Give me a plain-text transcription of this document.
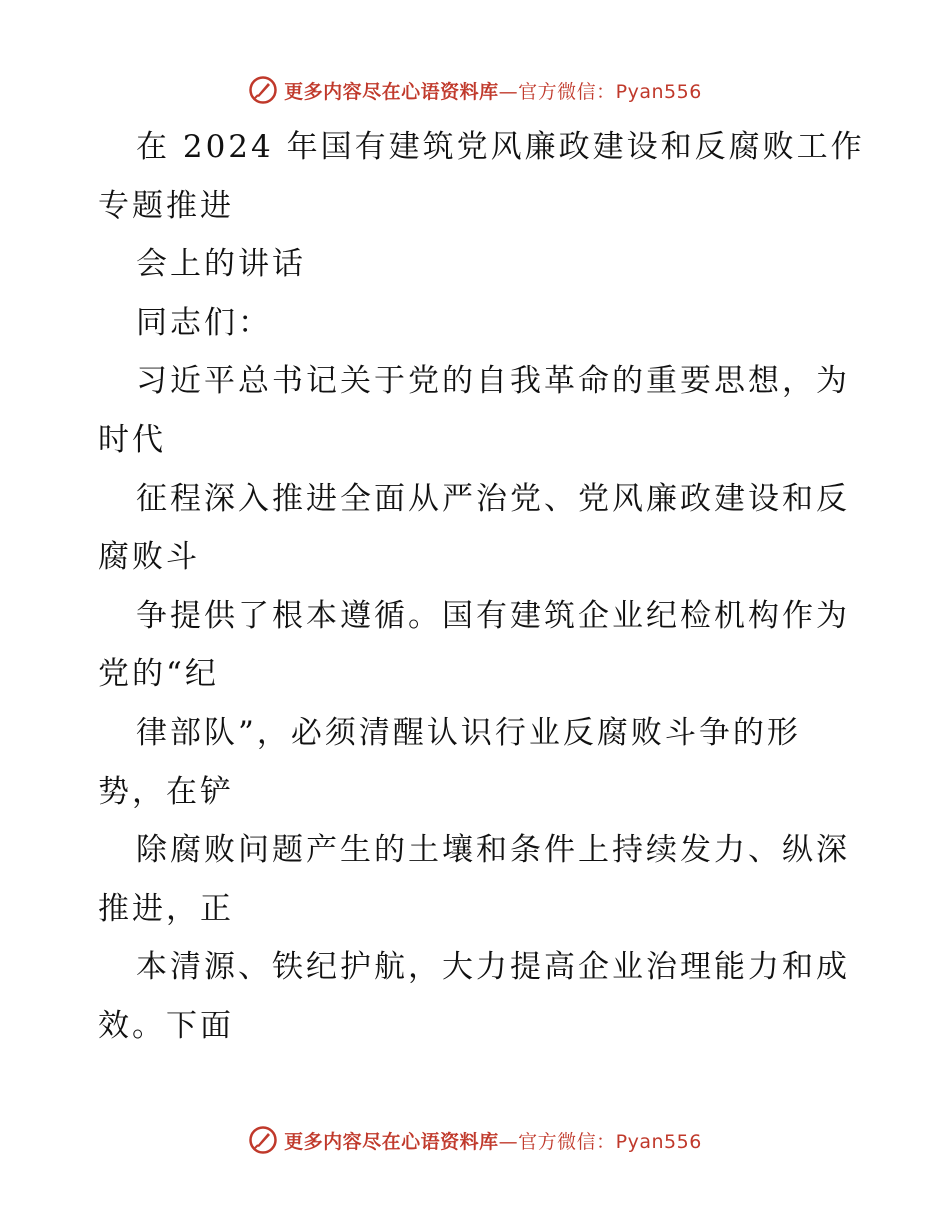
更多内容尽在心语资料库—官方微信：Pyan556
在 2024 年国有建筑党风廉政建设和反腐败工作
专题推进
会上的讲话
同志们：
习近平总书记关于党的自我革命的重要思想，为
时代
征程深入推进全面从严治党、党风廉政建设和反
腐败斗
争提供了根本遵循。国有建筑企业纪检机构作为
党的“纪
律部队”，必须清醒认识行业反腐败斗争的形
势，在铲
除腐败问题产生的土壤和条件上持续发力、纵深
推进，正
本清源、铁纪护航，大力提高企业治理能力和成
效。下面
更多内容尽在心语资料库—官方微信：Pyan556
